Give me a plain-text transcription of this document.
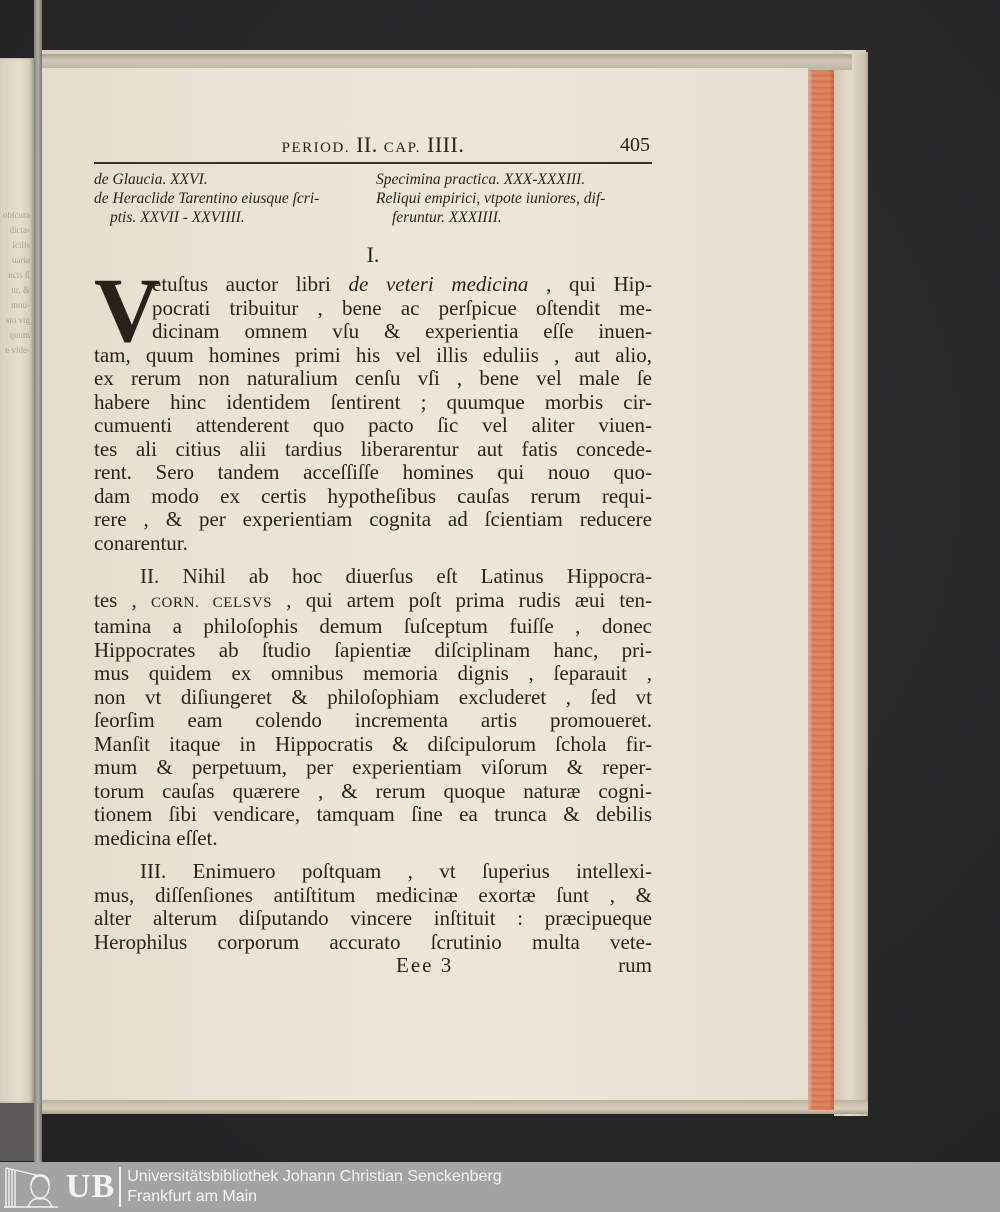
obſcura
dicta-
ſcilis
uaria
ncis ſi
ur, &
mou-
sto vig
quum
e vide-
PERIOD. II. CAP. IIII.	405

de Glaucia. XXVI.

de Heraclide Tarentino eiusque ſcri-

ptis. XXVII - XXVIIII.

Specimina practica. XXX-XXXIII.

Reliqui empirici, vtpote iuniores, dif-

feruntur. XXXIIII.

I.
V
etuſtus auctor libri de veteri medicina , qui Hip-
pocrati tribuitur , bene ac perſpicue oſtendit me-
dicinam omnem vſu & experientia eſſe inuen-
tam, quum homines primi his vel illis eduliis , aut alio,
ex rerum non naturalium cenſu vſi , bene vel male ſe
habere hinc identidem ſentirent ; quumque morbis cir-
cumuenti attenderent quo pacto ſic vel aliter viuen-
tes ali citius alii tardius liberarentur aut fatis concede-
rent. Sero tandem acceſſiſſe homines qui nouo quo-
dam modo ex certis hypotheſibus cauſas rerum requi-
rere , & per experientiam cognita ad ſcientiam reducere
conarentur.
II. Nihil ab hoc diuerſus eſt Latinus Hippocra-
tes , CORN. CELSVS , qui artem poſt prima rudis æui ten-
tamina a philoſophis demum ſuſceptum fuiſſe , donec
Hippocrates ab ſtudio ſapientiæ diſciplinam hanc, pri-
mus quidem ex omnibus memoria dignis , ſeparauit ,
non vt diſiungeret & philoſophiam excluderet , ſed vt
ſeorſim eam colendo incrementa artis promoueret.
Manſit itaque in Hippocratis & diſcipulorum ſchola fir-
mum & perpetuum, per experientiam viſorum & reper-
torum cauſas quærere , & rerum quoque naturæ cogni-
tionem ſibi vendicare, tamquam ſine ea trunca & debilis
medicina eſſet.
III. Enimuero poſtquam , vt ſuperius intellexi-
mus, diſſenſiones antiſtitum medicinæ exortæ ſunt , &
alter alterum diſputando vincere inſtituit : præcipueque
Herophilus corporum accurato ſcrutinio multa vete-
Eee 3	rum
UB Universitätsbibliothek Johann Christian Senckenberg
Frankfurt am Main
